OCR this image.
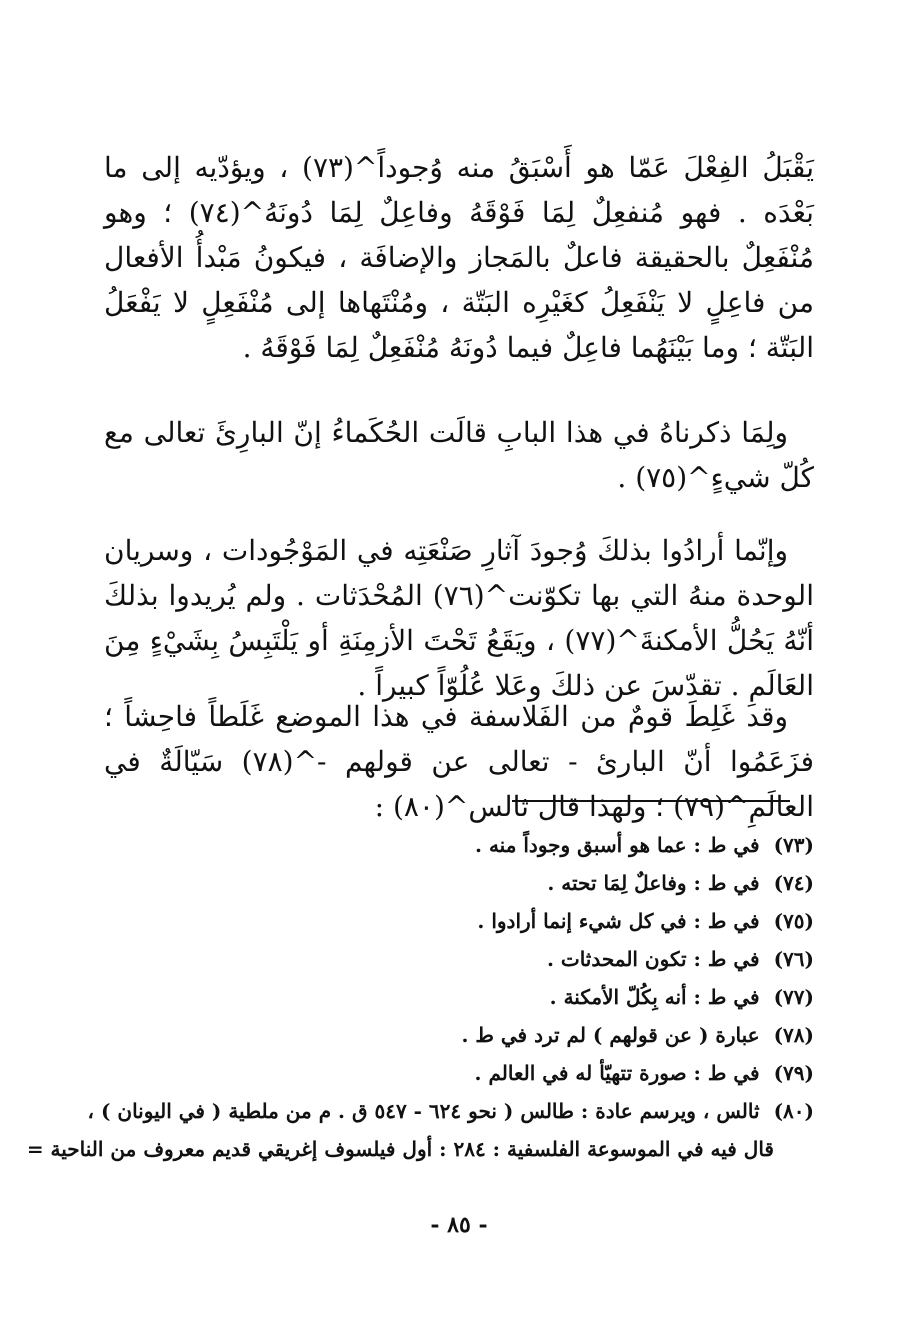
يَقْبَلُ الفِعْلَ عَمّا هو أَسْبَقُ منه وُجوداً^(٧٣) ، ويؤدّيه إلى ما بَعْدَه . فهو مُنفعِلٌ لِمَا فَوْقَهُ وفاعِلٌ لِمَا دُونَهُ^(٧٤) ؛ وهو مُنْفَعِلٌ بالحقيقة فاعلٌ بالمَجاز والإضافَة ، فيكونُ مَبْدأُ الأفعال من فاعِلٍ لا يَنْفَعِلُ كغَيْرِه البَتّة ، ومُنْتَهاها إلى مُنْفَعِلٍ لا يَفْعَلُ البَتّة ؛ وما بَيْنَهُما فاعِلٌ فيما دُونَهُ مُنْفَعِلٌ لِمَا فَوْقَهُ .
ولِمَا ذكرناهُ في هذا البابِ قالَت الحُكَماءُ إنّ البارِئَ تعالى مع كُلّ شيءٍ^(٧٥) .
وإنّما أرادُوا بذلكَ وُجودَ آثارِ صَنْعَتِه في المَوْجُودات ، وسريان الوحدة منهُ التي بها تكوّنت^(٧٦) المُحْدَثات . ولم يُريدوا بذلكَ أنّهُ يَحُلُّ الأمكنةَ^(٧٧) ، ويَقَعُ تَحْتَ الأزمِنَةِ أو يَلْتَبِسُ بِشَيْءٍ مِنَ العَالَمِ . تقدّسَ عن ذلكَ وعَلا عُلُوّاً كبيراً .
وقد غَلِطَ قومٌ من الفَلاسفة في هذا الموضع غَلَطاً فاحِشاً ؛ فزَعَمُوا أنّ البارئ - تعالى عن قولهم -^(٧٨) سَيّالَةٌ في العالَمِ^(٧٩) ؛ ولهذا قال ثالس^(٨٠) :
(٧٣)في ط : عما هو أسبق وجوداً منه .
(٧٤)في ط : وفاعلٌ لِمَا تحته .
(٧٥)في ط : في كل شيء إنما أرادوا .
(٧٦)في ط : تكون المحدثات .
(٧٧)في ط : أنه بِكُلّ الأمكنة .
(٧٨)عبارة ( عن قولهم ) لم ترد في ط .
(٧٩)في ط : صورة تتهيّأ له في العالم .
(٨٠)ثالس ، ويرسم عادة : طالس ( نحو ٦٢٤ - ٥٤٧ ق . م من ملطية ( في اليونان ) ،
قال فيه في الموسوعة الفلسفية : ٢٨٤ : أول فيلسوف إغريقي قديم معروف من الناحية =
- ٨٥ -
